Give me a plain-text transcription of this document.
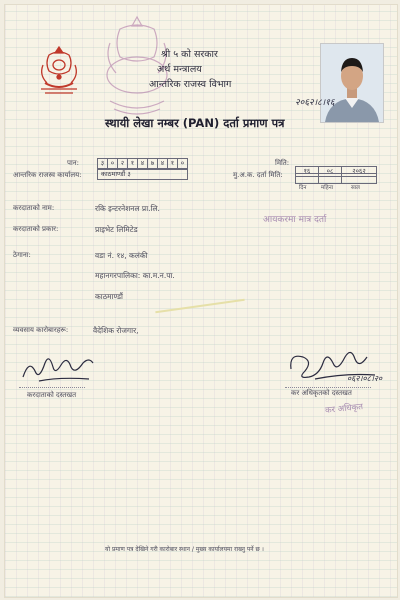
श्री ५ को सरकार
अर्थ मन्त्रालय
आन्तरिक राजस्व विभाग
स्थायी लेखा नम्बर (PAN) दर्ता प्रमाण पत्र
२०६२।८।१६
पान:	३	०	२	१	४	७	४	१	०
आन्तरिक राजस्व कार्यालय:	काठमाण्डौं ३
मिति:
१६ ०८	२०६२
मु.अ.क. दर्ता मिति:
दिन	महिना	साल
करदाताको नाम:	रकि इन्टरनेशनल प्रा.लि.
करदाताको प्रकार:	प्राइभेट लिमिटेड
आयकरमा मात्र दर्ता
ठेगाना:	वडा नं. १४, कलंकी
महानगरपालिका: का.म.न.पा.
काठमाण्डौं
व्यवसाय कारोबारहरू:	वैदेशिक रोजगार,
करदाताको दस्तखत
०६२।०८।२०
कर अधिकृतको दस्तखत
कर अधिकृत
यो प्रमाण पत्र देखिने गरी कारोबार स्थान / मुख्य कार्यालयमा राख्नु पर्ने छ ।
